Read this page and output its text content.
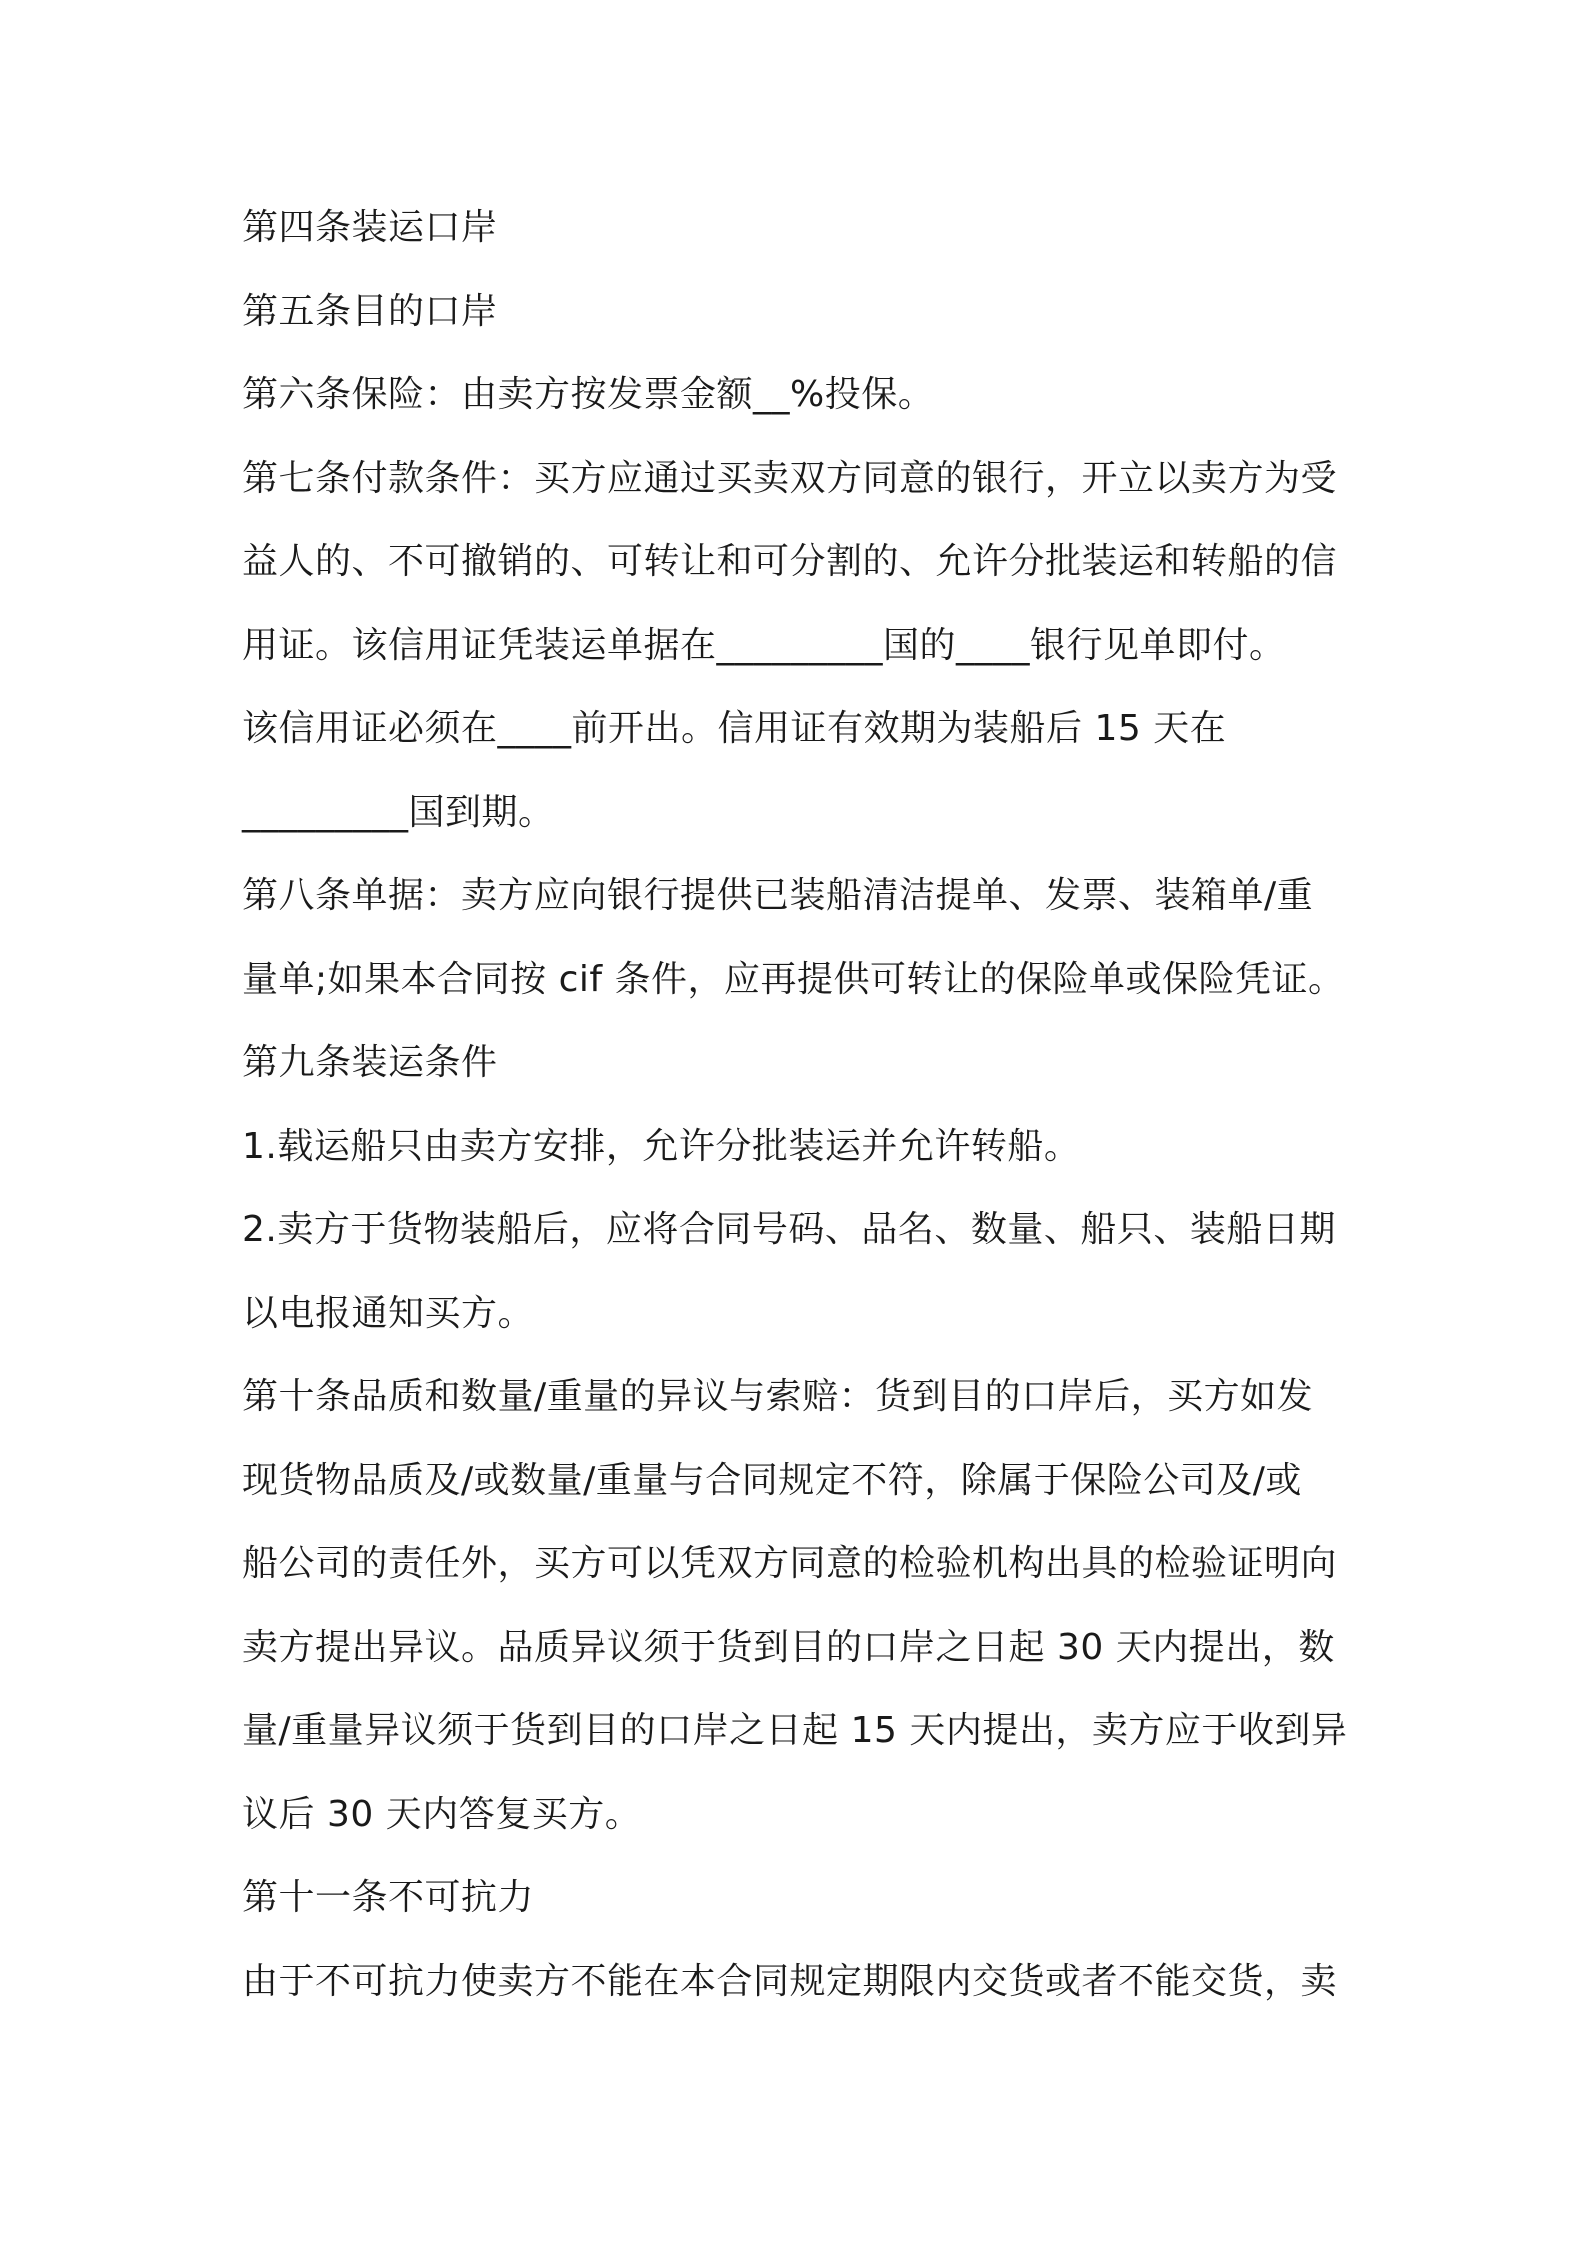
第四条装运口岸
第五条目的口岸
第六条保险：由卖方按发票金额__%投保。
第七条付款条件：买方应通过买卖双方同意的银行，开立以卖方为受
益人的、不可撤销的、可转让和可分割的、允许分批装运和转船的信
用证。该信用证凭装运单据在_________国的____银行见单即付。
该信用证必须在____前开出。信用证有效期为装船后 15 天在
_________国到期。
第八条单据：卖方应向银行提供已装船清洁提单、发票、装箱单/重
量单;如果本合同按 cif 条件，应再提供可转让的保险单或保险凭证。
第九条装运条件
1.载运船只由卖方安排，允许分批装运并允许转船。
2.卖方于货物装船后，应将合同号码、品名、数量、船只、装船日期
以电报通知买方。
第十条品质和数量/重量的异议与索赔：货到目的口岸后，买方如发
现货物品质及/或数量/重量与合同规定不符，除属于保险公司及/或
船公司的责任外，买方可以凭双方同意的检验机构出具的检验证明向
卖方提出异议。品质异议须于货到目的口岸之日起 30 天内提出，数
量/重量异议须于货到目的口岸之日起 15 天内提出，卖方应于收到异
议后 30 天内答复买方。
第十一条不可抗力
由于不可抗力使卖方不能在本合同规定期限内交货或者不能交货，卖
